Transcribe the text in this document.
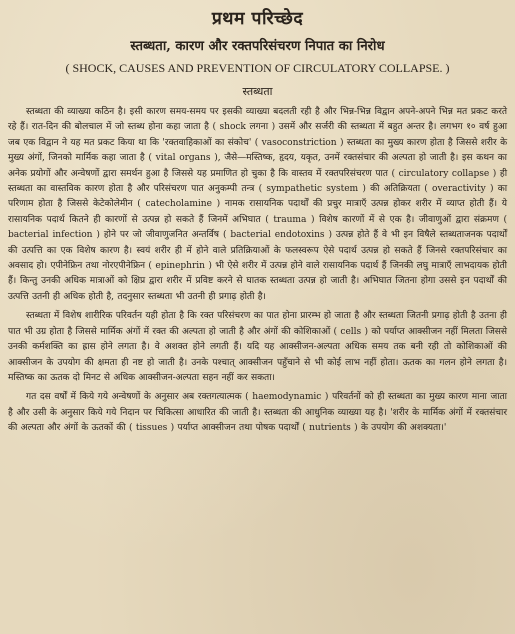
प्रथम परिच्छेद
स्तब्धता, कारण और रक्तपरिसंचरण निपात का निरोध
( SHOCK, CAUSES AND PREVENTION OF CIRCULATORY COLLAPSE. )
स्तब्धता

स्तब्धता की व्याख्या कठिन है। इसी कारण समय-समय पर इसकी व्याख्या बदलती रही है और भिन्न-भिन्न विद्वान अपने-अपने भिन्न मत प्रकट करते रहे हैं। रात-दिन की बोलचाल में जो स्तब्ध होना कहा जाता है ( shock लगना ) उसमें और सर्जरी की स्तब्धता में बहुत अन्तर है। लगभग १० वर्ष हुआ जब एक विद्वान ने यह मत प्रकट किया था कि 'रक्तवाहिकाओं का संकोच' ( vasoconstriction ) स्तब्धता का मुख्य कारण होता है जिससे शरीर के मुख्य अंगों, जिनको मार्मिक कहा जाता है ( vital organs ), जैसे—मस्तिष्क, हृदय, यकृत, उनमें रक्तसंचार की अल्पता हो जाती है। इस कथन का अनेक प्रयोगों और अन्वेषणों द्वारा समर्थन हुआ है जिससे यह प्रमाणित हो चुका है कि वास्तव में रक्तपरिसंचरण पात ( circulatory collapse ) ही स्तब्धता का वास्तविक कारण होता है और परिसंचरण पात अनुकम्पी तन्त्र ( sympathetic system ) की अतिक्रियता ( overactivity ) का परिणाम होता है जिससे केटेकोलेमीन ( catecholamine ) नामक रासायनिक पदार्थों की प्रचुर मात्राएँ उत्पन्न होकर शरीर में व्याप्त होती हैं। ये रासायनिक पदार्थ कितने ही कारणों से उत्पन्न हो सकते हैं जिनमें अभिघात ( trauma ) विशेष कारणों में से एक है। जीवाणुओं द्वारा संक्रमण ( bacterial infection ) होने पर जो जीवाणुजनित अन्तर्विष ( bacterial endotoxins ) उत्पन्न होते हैं वे भी इन विषैले स्तब्धताजनक पदार्थों की उत्पत्ति का एक विशेष कारण है। स्वयं शरीर ही में होने वाले प्रतिक्रियाओं के फलस्वरूप ऐसे पदार्थ उत्पन्न हो सकते हैं जिनसे रक्तपरिसंचार का अवसाद हो। एपीनेफ्रिन तथा नोरएपीनेफ्रिन ( epinephrin ) भी ऐसे शरीर में उत्पन्न होने वाले रासायनिक पदार्थ हैं जिनकी लघु मात्राएँ लाभदायक होती हैं। किन्तु उनकी अधिक मात्राओं को क्षिप्र द्वारा शरीर में प्रविष्ट करने से घातक स्तब्धता उत्पन्न हो जाती है। अभिघात जितना होगा उससे इन पदार्थों की उत्पत्ति उतनी ही अधिक होती है, तदनुसार स्तब्धता भी उतनी ही प्रगाढ़ होती है।

स्तब्धता में विशेष शारीरिक परिवर्तन यही होता है कि रक्त परिसंचरण का पात होना प्रारम्भ हो जाता है और स्तब्धता जितनी प्रगाढ़ होती है उतना ही पात भी उग्र होता है जिससे मार्मिक अंगों में रक्त की अल्पता हो जाती है और अंगों की कोशिकाओं ( cells ) को पर्याप्त आक्सीजन नहीं मिलता जिससे उनकी कर्मशक्ति का ह्रास होने लगता है। वे अशक्त होने लगती हैं। यदि यह आक्सीजन-अल्पता अधिक समय तक बनी रही तो कोशिकाओं की आक्सीजन के उपयोग की क्षमता ही नष्ट हो जाती है। उनके पश्चात् आक्सीजन पहुँचाने से भी कोई लाभ नहीं होता। ऊतक का गलन होने लगता है। मस्तिष्क का ऊतक दो मिनट से अधिक आक्सीजन-अल्पता सहन नहीं कर सकता।

गत दस वर्षों में किये गये अन्वेषणों के अनुसार अब रक्तगत्यात्मक ( haemodynamic ) परिवर्तनों को ही स्तब्धता का मुख्य कारण माना जाता है और उसी के अनुसार किये गये निदान पर चिकित्सा आधारित की जाती है। स्तब्धता की आधुनिक व्याख्या यह है। 'शरीर के मार्मिक अंगों में रक्तसंचार की अल्पता और अंगों के ऊतकों की ( tissues ) पर्याप्त आक्सीजन तथा पोषक पदार्थों ( nutrients ) के उपयोग की अशक्यता।'
